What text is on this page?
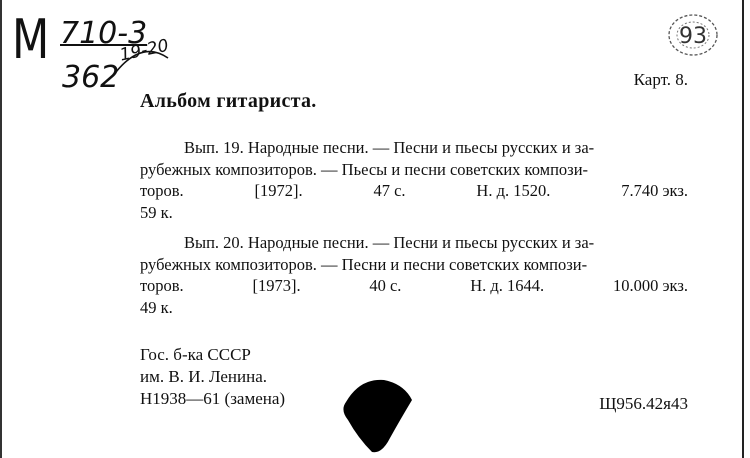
М 710-3
362
19-20	93
Карт. 8.
Альбом гитариста.
Вып. 19. Народные песни. — Песни и пьесы русских и за-
рубежных композиторов. — Пьесы и песни советских компози-
торов.	[1972].	47 с.	Н. д. 1520.	7.740 экз.
59 к.
Вып. 20. Народные песни. — Песни и пьесы русских и за-
рубежных композиторов. — Песни и песни советских компози-
торов.	[1973].	40 с.	Н. д. 1644.	10.000 экз.
49 к.
Гос. б-ка СССР
им. В. И. Ленина.
Н1938—61 (замена)	Щ956.42я43
